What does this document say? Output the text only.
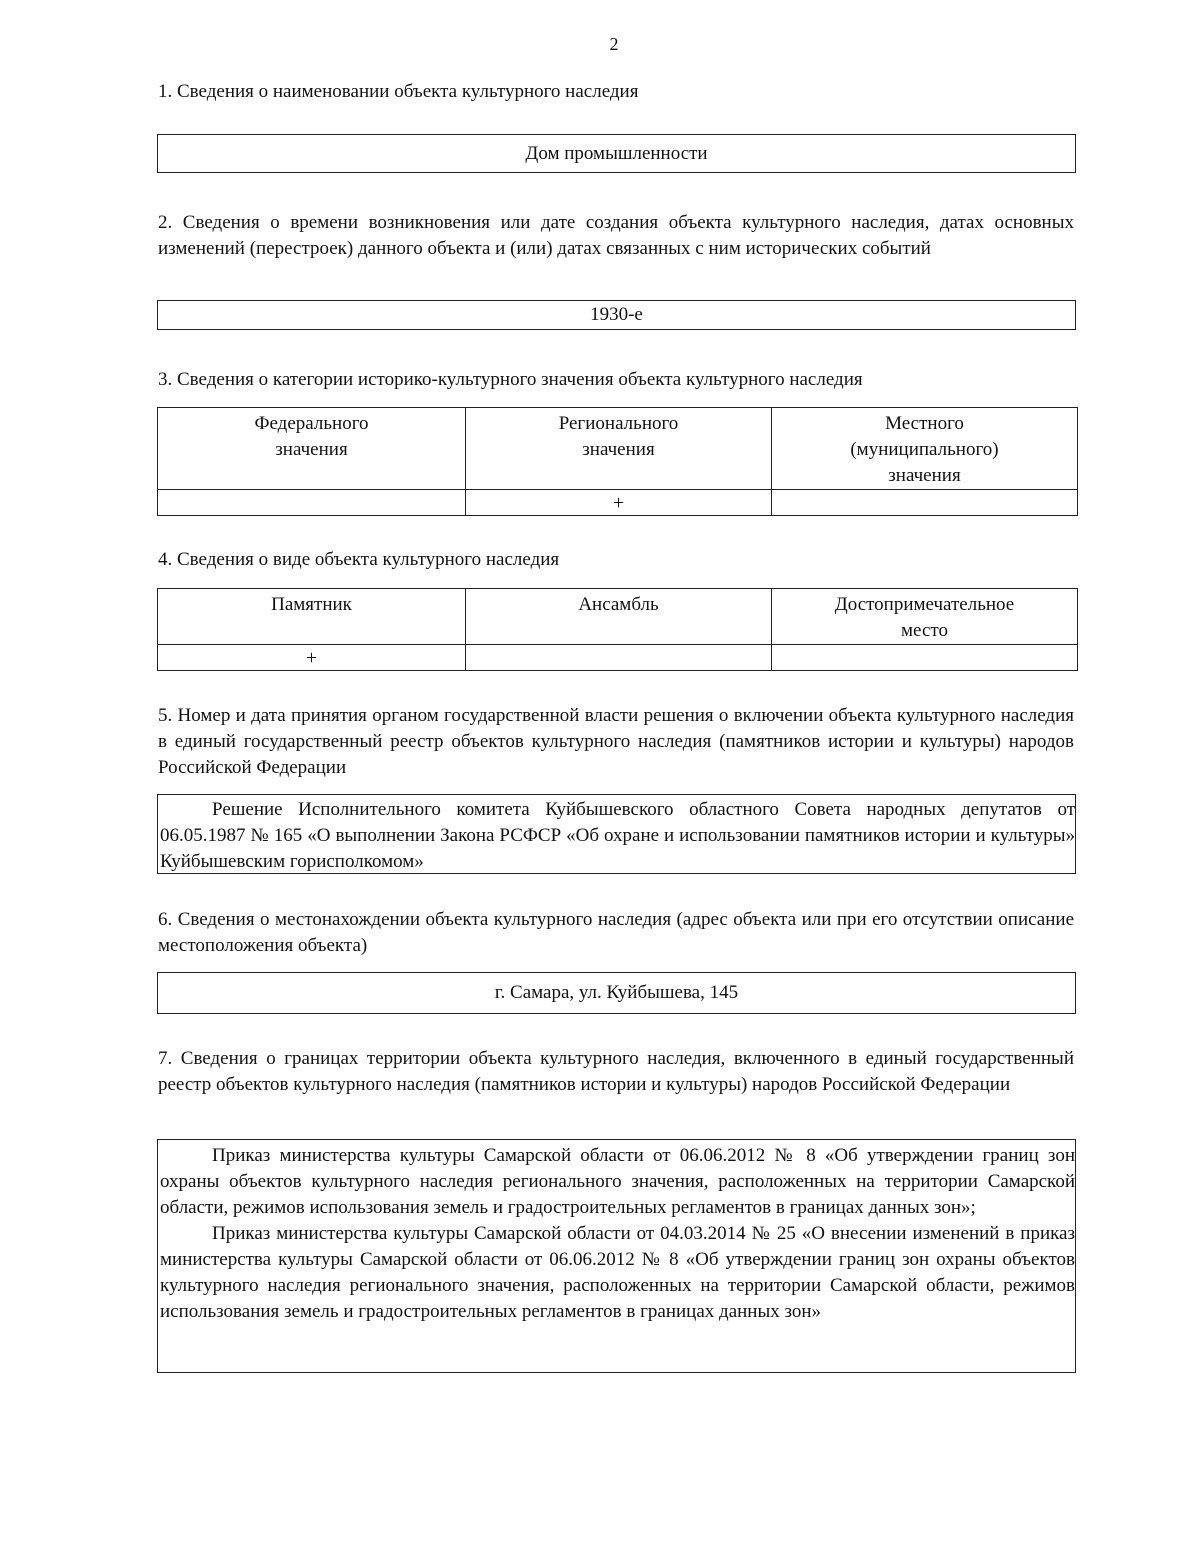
2

1. Сведения о наименовании объекта культурного наследия

Дом промышленности

2. Сведения о времени возникновения или дате создания объекта культурного наследия, датах основных изменений (перестроек) данного объекта и (или) датах связанных с ним исторических событий

1930-е

3. Сведения о категории историко-культурного значения объекта культурного наследия

Федерального значения	Регионального значения	Местного (муниципального) значения
	+	

4. Сведения о виде объекта культурного наследия

Памятник	Ансамбль	Достопримечательное место
+		

5. Номер и дата принятия органом государственной власти решения о включении объекта культурного наследия в единый государственный реестр объектов культурного наследия (памятников истории и культуры) народов Российской Федерации

Решение Исполнительного комитета Куйбышевского областного Совета народных депутатов от 06.05.1987 № 165 «О выполнении Закона РСФСР «Об охране и использовании памятников истории и культуры» Куйбышевским горисполкомом»

6. Сведения о местонахождении объекта культурного наследия (адрес объекта или при его отсутствии описание местоположения объекта)

г. Самара, ул. Куйбышева, 145

7. Сведения о границах территории объекта культурного наследия, включенного в единый государственный реестр объектов культурного наследия (памятников истории и культуры) народов Российской Федерации

Приказ министерства культуры Самарской области от 06.06.2012 № 8 «Об утверждении границ зон охраны объектов культурного наследия регионального значения, расположенных на территории Самарской области, режимов использования земель и градостроительных регламентов в границах данных зон»;

Приказ министерства культуры Самарской области от 04.03.2014 № 25 «О внесении изменений в приказ министерства культуры Самарской области от 06.06.2012 № 8 «Об утверждении границ зон охраны объектов культурного наследия регионального значения, расположенных на территории Самарской области, режимов использования земель и градостроительных регламентов в границах данных зон»
